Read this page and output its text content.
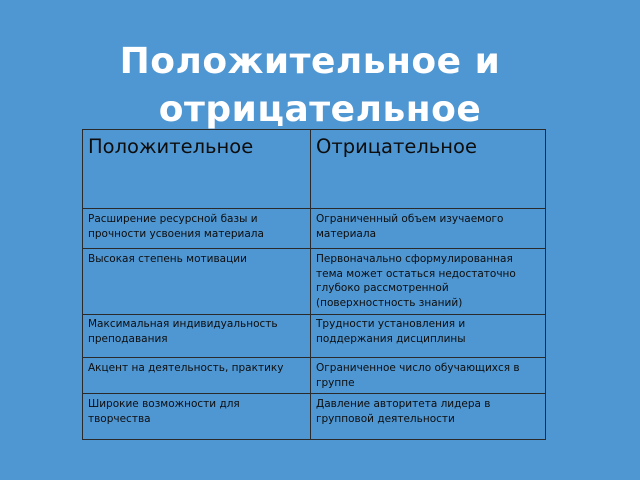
Положительное и
отрицательное
Положительное	Отрицательное
Расширение ресурсной базы и прочности усвоения материала	Ограниченный объем изучаемого материала
Высокая степень мотивации	Первоначально сформулированная тема может остаться недостаточно глубоко рассмотренной (поверхностность знаний)
Максимальная индивидуальность преподавания	Трудности установления и поддержания дисциплины
Акцент на деятельность, практику	Ограниченное число обучающихся в группе
Широкие возможности для творчества	Давление авторитета лидера в групповой деятельности
